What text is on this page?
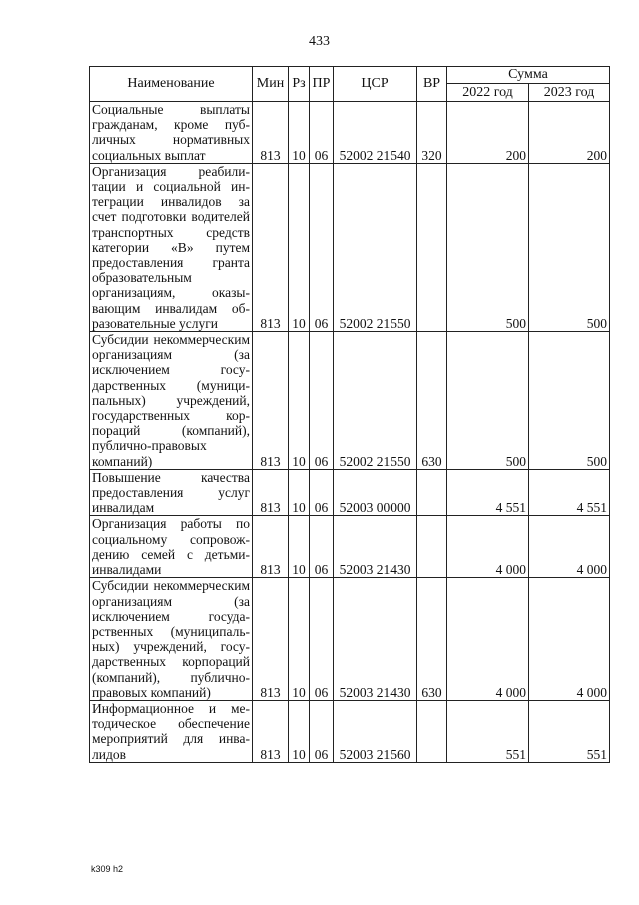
433
Наименование	Мин	Рз	ПР	ЦСР	ВР	Сумма	
						2022 год	2023 год
Социальные выплаты гражданам, кроме публичных нормативных социальных выплат	813	10	06	52002 21540	320	200	200
Организация реабилитации и социальной интеграции инвалидов за счет подготовки водителей транспортных средств категории «В» путем предоставления гранта образовательным организациям, оказывающим инвалидам образовательные услуги	813	10	06	52002 21550		500	500
Субсидии некоммерческим организациям (за исключением государственных (муниципальных) учреждений, государственных корпораций (компаний), публично-правовых компаний)	813	10	06	52002 21550	630	500	500
Повышение качества предоставления услуг инвалидам	813	10	06	52003 00000		4 551	4 551
Организация работы по социальному сопровождению семей с детьми-инвалидами	813	10	06	52003 21430		4 000	4 000
Субсидии некоммерческим организациям (за исключением государственных (муниципальных) учреждений, государственных корпораций (компаний), публично-правовых компаний)	813	10	06	52003 21430	630	4 000	4 000
Информационное и методическое обеспечение мероприятий для инвалидов	813	10	06	52003 21560		551	551
k309 h2
